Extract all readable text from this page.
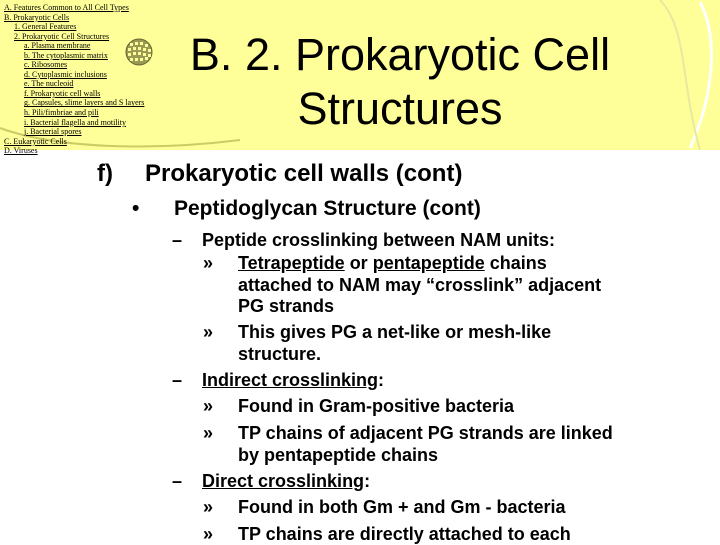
A. Features Common to All Cell Types
B. Prokaryotic Cells
1. General Features
2. Prokaryotic Cell Structures
a. Plasma membrane
b. The cytoplasmic matrix
c. Ribosomes
d. Cytoplasmic inclusions
e. The nucleoid
f. Prokaryotic cell walls
g. Capsules, slime layers and S layers
h. Pili/fimbriae and pili
i. Bacterial flagella and motility
j. Bacterial spores
C. Eukaryotic Cells
D. Viruses
B. 2. Prokaryotic Cell
Structures
f) Prokaryotic cell walls (cont)
• Peptidoglycan Structure (cont)
– Peptide crosslinking between NAM units:
» Tetrapeptide or pentapeptide chains
attached to NAM may “crosslink” adjacent
PG strands
» This gives PG a net-like or mesh-like
structure.
– Indirect crosslinking:
» Found in Gram-positive bacteria
» TP chains of adjacent PG strands are linked
by pentapeptide chains
– Direct crosslinking:
» Found in both Gm + and Gm - bacteria
» TP chains are directly attached to each
